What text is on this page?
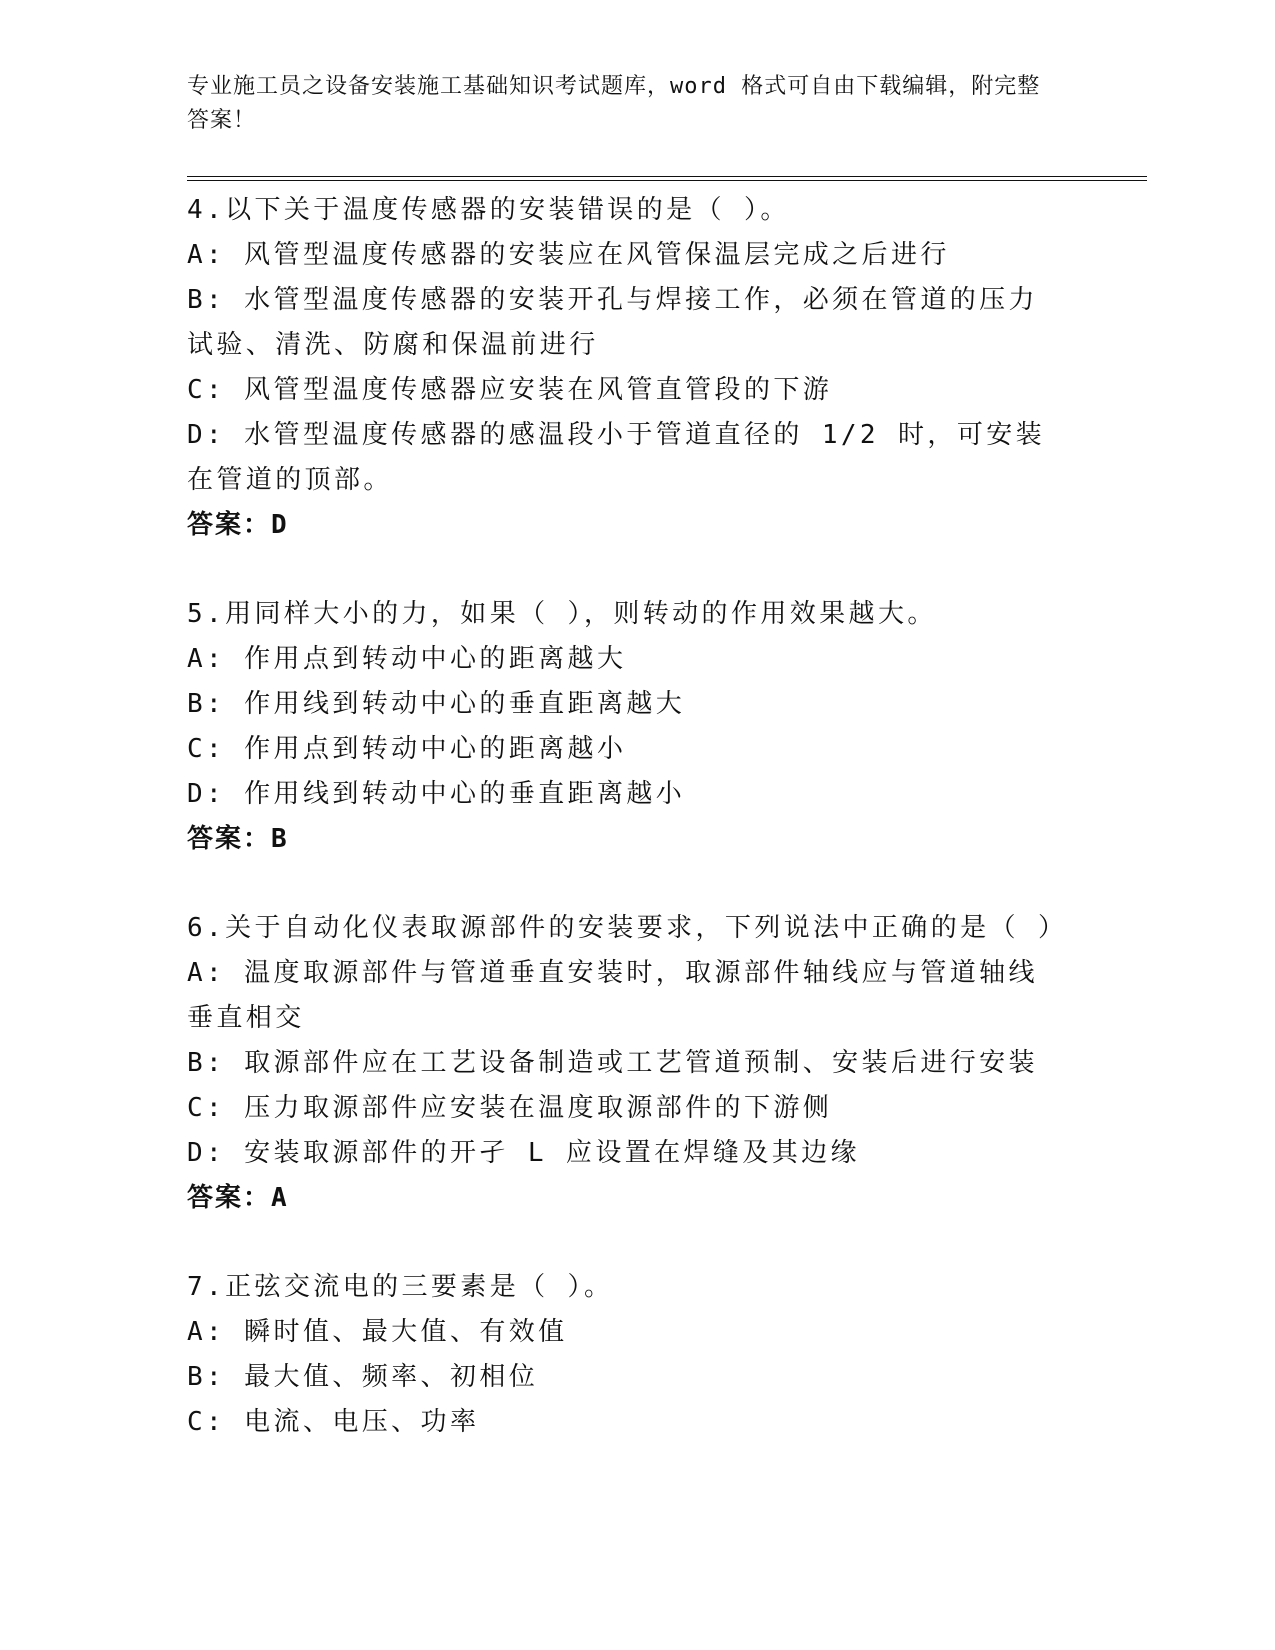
专业施工员之设备安装施工基础知识考试题库，word 格式可自由下载编辑，附完整答案！
4.以下关于温度传感器的安装错误的是（ ）。
A: 风管型温度传感器的安装应在风管保温层完成之后进行
B: 水管型温度传感器的安装开孔与焊接工作，必须在管道的压力试验、清洗、防腐和保温前进行
C: 风管型温度传感器应安装在风管直管段的下游
D: 水管型温度传感器的感温段小于管道直径的 1/2 时，可安装在管道的顶部。
答案：D
5.用同样大小的力，如果（ ），则转动的作用效果越大。
A: 作用点到转动中心的距离越大
B: 作用线到转动中心的垂直距离越大
C: 作用点到转动中心的距离越小
D: 作用线到转动中心的垂直距离越小
答案：B
6.关于自动化仪表取源部件的安装要求，下列说法中正确的是（ ）
A: 温度取源部件与管道垂直安装时，取源部件轴线应与管道轴线垂直相交
B: 取源部件应在工艺设备制造或工艺管道预制、安装后进行安装
C: 压力取源部件应安装在温度取源部件的下游侧
D: 安装取源部件的开孑 L 应设置在焊缝及其边缘
答案：A
7.正弦交流电的三要素是（ ）。
A: 瞬时值、最大值、有效值
B: 最大值、频率、初相位
C: 电流、电压、功率
